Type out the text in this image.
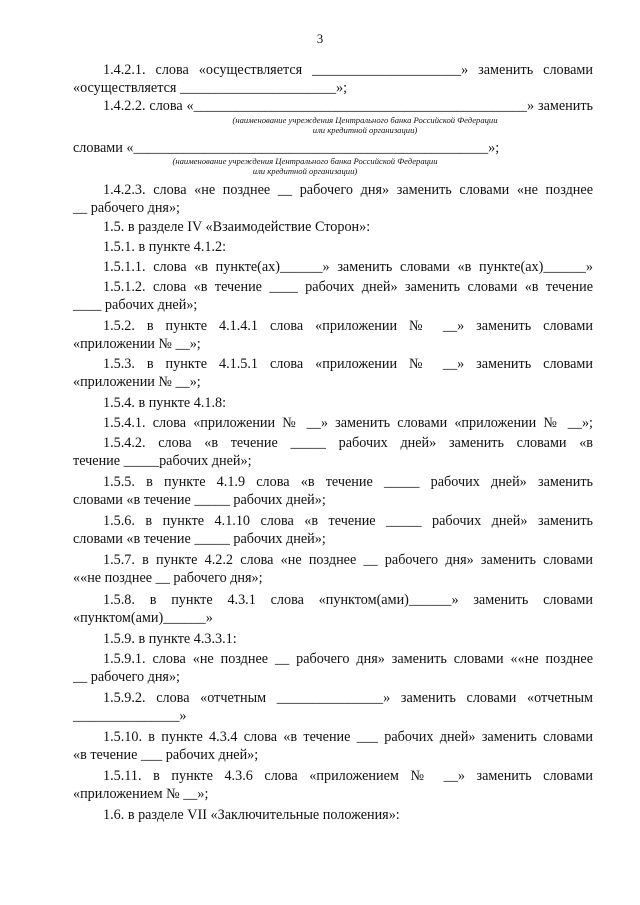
3
1.4.2.1. слова «осуществляется _____________________» заменить словами
«осуществляется ______________________»;
1.4.2.2. слова «_______________________________________________» заменить
(наименование учреждения Центрального банка Российской Федерации
или кредитной организации)
словами «__________________________________________________»;
(наименование учреждения Центрального банка Российской Федерации
или кредитной организации)
1.4.2.3. слова «не позднее __ рабочего дня» заменить словами «не позднее
__ рабочего дня»;
1.5. в разделе IV «Взаимодействие Сторон»:
1.5.1. в пункте 4.1.2:
1.5.1.1. слова «в пункте(ах)______» заменить словами «в пункте(ах)______»
1.5.1.2. слова «в течение ____ рабочих дней» заменить словами «в течение
____ рабочих дней»;
1.5.2. в пункте 4.1.4.1 слова «приложении № __» заменить словами
«приложении № __»;
1.5.3. в пункте 4.1.5.1 слова «приложении № __» заменить словами
«приложении № __»;
1.5.4. в пункте 4.1.8:
1.5.4.1. слова «приложении № __» заменить словами «приложении № __»;
1.5.4.2. слова «в течение _____ рабочих дней» заменить словами «в
течение _____рабочих дней»;
1.5.5. в пункте 4.1.9 слова «в течение _____ рабочих дней» заменить
словами «в течение _____ рабочих дней»;
1.5.6. в пункте 4.1.10 слова «в течение _____ рабочих дней» заменить
словами «в течение _____ рабочих дней»;
1.5.7. в пункте 4.2.2 слова «не позднее __ рабочего дня» заменить словами
««не позднее __ рабочего дня»;
1.5.8. в пункте 4.3.1 слова «пунктом(ами)______» заменить словами
«пунктом(ами)______»
1.5.9. в пункте 4.3.3.1:
1.5.9.1. слова «не позднее __ рабочего дня» заменить словами ««не позднее
__ рабочего дня»;
1.5.9.2. слова «отчетным _______________» заменить словами «отчетным
_______________»
1.5.10. в пункте 4.3.4 слова «в течение ___ рабочих дней» заменить словами
«в течение ___ рабочих дней»;
1.5.11. в пункте 4.3.6 слова «приложением № __» заменить словами
«приложением № __»;
1.6. в разделе VII «Заключительные положения»:
